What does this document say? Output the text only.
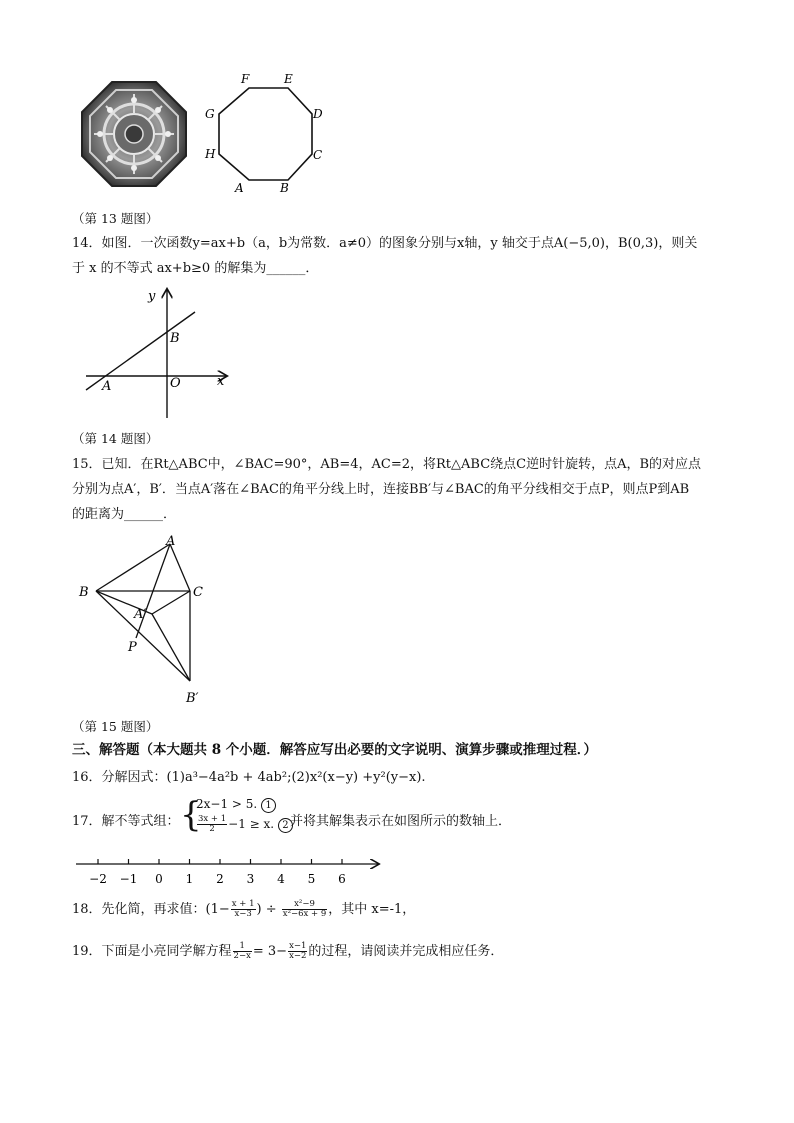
F	E
G	D
H	C
A	B
（第 13 题图）
14．如图．一次函数y=ax+b（a，b为常数．a≠0）的图象分别与x轴，y 轴交于点A(−5,0)，B(0,3)，则关
于 x 的不等式 ax+b≥0 的解集为______．
y
x
B
A	O
（第 14 题图）
15．已知．在Rt△ABC中，∠BAC=90°，AB=4，AC=2，将Rt△ABC绕点C逆时针旋转，点A，B的对应点
分别为点A′，B′．当点A′落在∠BAC的角平分线上时，连接BB′与∠BAC的角平分线相交于点P，则点P到AB
的距离为______．
A
B	C
A′
P
B′
（第 15 题图）
三、解答题（本大题共 8 个小题．解答应写出必要的文字说明、演算步骤或推理过程．）
16．分解因式：(1)a³−4a²b + 4ab²;(2)x²(x−y) +y²(y−x).
17．解不等式组： {
2x−1 > 5. 1
$\frac{3x + 1}{2} -1 \ge x$. 2 并将其解集表示在如图所示的数轴上．
−2 −1 0 1 2 3 4 5 6
18．先化简，再求值：($1- \frac{x + 1}{x-3}$ ) ÷ $\frac{\text{x²−9}}{\text{x²−6x + 9}}$ ，其中 x=-1，
19．下面是小亮同学解方程 $\frac{1}{2-x} = 3- \frac{x-1}{x-2}$ 的过程，请阅读并完成相应任务．
